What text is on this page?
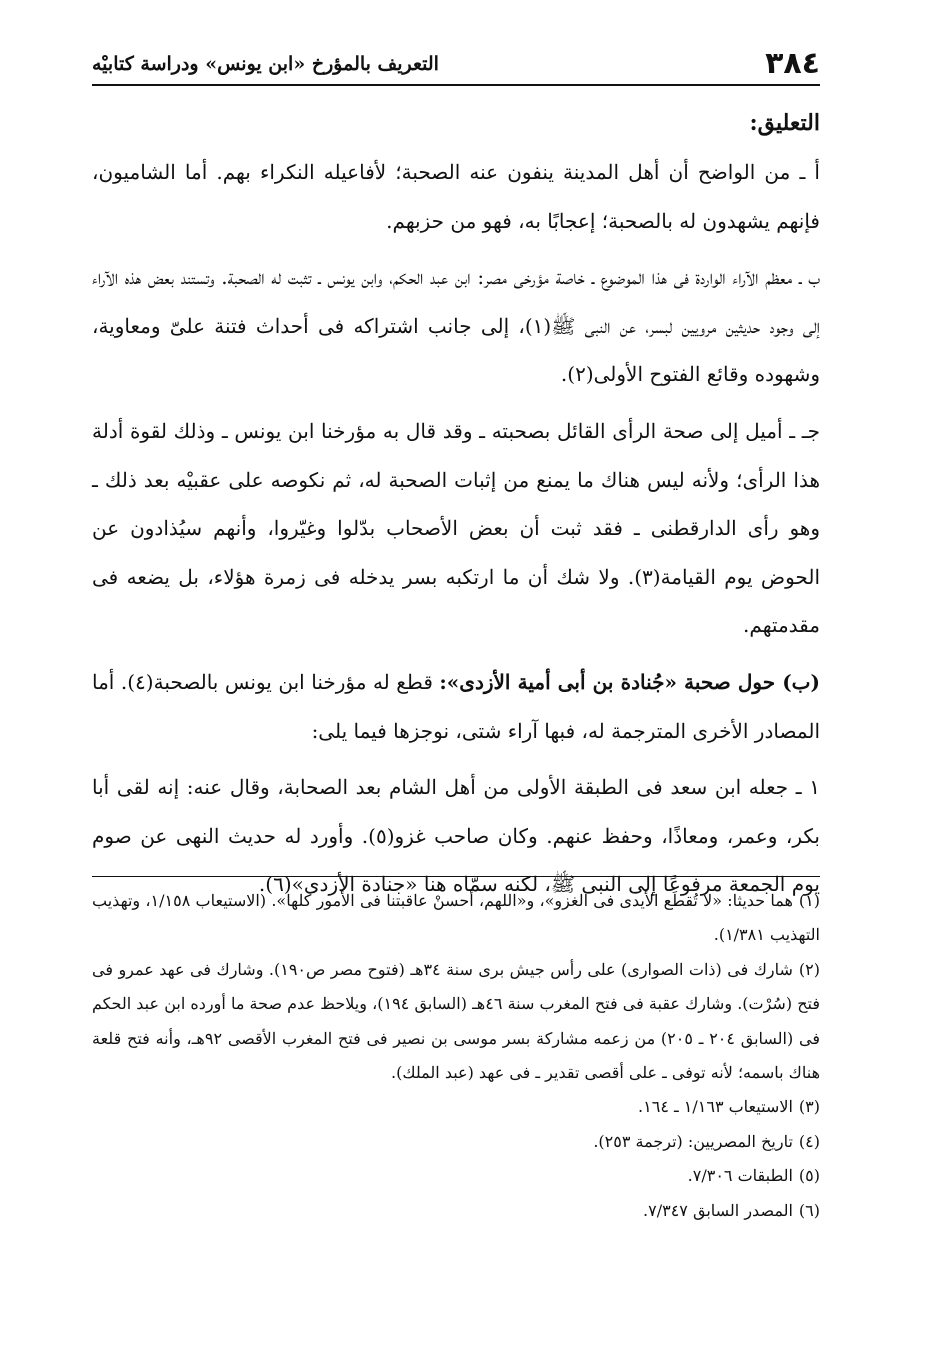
٣٨٤
التعريف بالمؤرخ «ابن يونس» ودراسة كتابيْه
التعليق:

أ ـ من الواضح أن أهل المدينة ينفون عنه الصحبة؛ لأفاعيله النكراء بهم. أما الشاميون، فإنهم يشهدون له بالصحبة؛ إعجابًا به، فهو من حزبهم.

ب ـ معظم الآراء الواردة فى هذا الموضوع ـ خاصة مؤرخى مصر: ابن عبد الحكم، وابن يونس ـ تثبت له الصحبة. وتستند بعض هذه الآراء إلى وجود حديثين مرويين لبسر، عن النبى ﷺ(١)، إلى جانب اشتراكه فى أحداث فتنة علىّ ومعاوية، وشهوده وقائع الفتوح الأولى(٢).

جـ ـ أميل إلى صحة الرأى القائل بصحبته ـ وقد قال به مؤرخنا ابن يونس ـ وذلك لقوة أدلة هذا الرأى؛ ولأنه ليس هناك ما يمنع من إثبات الصحبة له، ثم نكوصه على عقبيْه بعد ذلك ـ وهو رأى الدارقطنى ـ فقد ثبت أن بعض الأصحاب بدّلوا وغيّروا، وأنهم سيُذادون عن الحوض يوم القيامة(٣). ولا شك أن ما ارتكبه بسر يدخله فى زمرة هؤلاء، بل يضعه فى مقدمتهم.

(ب) حول صحبة «جُنادة بن أبى أمية الأزدى»: قطع له مؤرخنا ابن يونس بالصحبة(٤). أما المصادر الأخرى المترجمة له، فبها آراء شتى، نوجزها فيما يلى:

١ ـ جعله ابن سعد فى الطبقة الأولى من أهل الشام بعد الصحابة، وقال عنه: إنه لقى أبا بكر، وعمر، ومعاذًا، وحفظ عنهم. وكان صاحب غزو(٥). وأورد له حديث النهى عن صوم يوم الجمعة مرفوعًا إلى النبى ﷺ، لكنه سمّاه هنا «جنادة الأزدى»(٦).

(١)هما حديثا: «لا تُقطَع الأيدى فى الغزو»، و«اللهم، أحسنْ عاقبتنا فى الأمور كلها». (الاستيعاب ١/١٥٨، وتهذيب التهذيب ١/٣٨١).

(٢)شارك فى (ذات الصوارى) على رأس جيش برى سنة ٣٤هـ (فتوح مصر ص١٩٠). وشارك فى عهد عمرو فى فتح (سُرْت). وشارك عقبة فى فتح المغرب سنة ٤٦هـ (السابق ١٩٤)، ويلاحظ عدم صحة ما أورده ابن عبد الحكم فى (السابق ٢٠٤ ـ ٢٠٥) من زعمه مشاركة بسر موسى بن نصير فى فتح المغرب الأقصى ٩٢هـ، وأنه فتح قلعة هناك باسمه؛ لأنه توفى ـ على أقصى تقدير ـ فى عهد (عبد الملك).

(٣)الاستيعاب ١/١٦٣ ـ ١٦٤.

(٤)تاريخ المصريين: (ترجمة ٢٥٣).

(٥)الطبقات ٧/٣٠٦.

(٦)المصدر السابق ٧/٣٤٧.
